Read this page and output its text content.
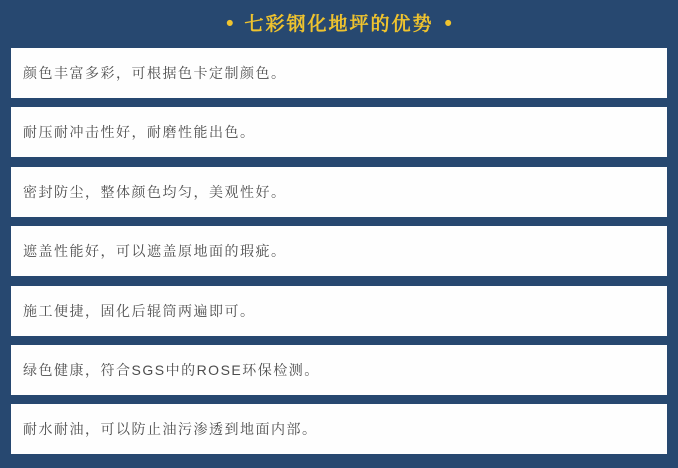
• 七彩钢化地坪的优势 •
颜色丰富多彩，可根据色卡定制颜色。
耐压耐冲击性好，耐磨性能出色。
密封防尘，整体颜色均匀，美观性好。
遮盖性能好，可以遮盖原地面的瑕疵。
施工便捷，固化后辊筒两遍即可。
绿色健康，符合SGS中的ROSE环保检测。
耐水耐油，可以防止油污渗透到地面内部。
